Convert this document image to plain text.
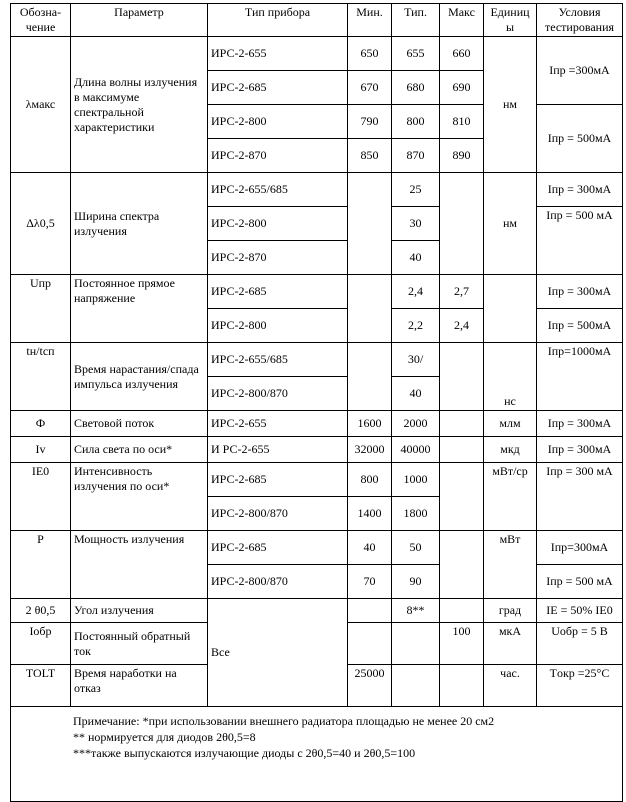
Обозна-чение	Параметр	Тип прибора	Мин.	Тип.	Макс	Единиц ы	Условия тестирования
λмакс	Длина волны излучения в максимуме спектральной характеристики	ИРС-2-655	650	655	660	нм	Iпр =300мА
		ИРС-2-685	670	680	690		
		ИРС-2-800	790	800	810		Iпр = 500мА
		ИРС-2-870	850	870	890		
Δλ0,5	Ширина спектра излучения	ИРС-2-655/685		25		нм	Iпр = 300мА
		ИРС-2-800		30			Iпр = 500 мА
		ИРС-2-870		40			
Uпр	Постоянное прямое напряжение	ИРС-2-685		2,4	2,7		Iпр = 300мА
		ИРС-2-800		2,2	2,4		Iпр = 500мА
tн/tсп	Время нарастания/спада импульса излучения	ИРС-2-655/685		30/		нс	Iпр=1000мА
		ИРС-2-800/870		40			
Ф	Световой поток	ИРС-2-655	1600	2000		млм	Iпр = 300мА
Iv	Сила света по оси*	И РС-2-655	32000	40000		мкд	Iпр = 300мА
IE0	Интенсивность излучения по оси*	ИРС-2-685	800	1000		мВт/ср	Iпр = 300 мА
		ИРС-2-800/870	1400	1800			
P	Мощность излучения	ИРС-2-685	40	50		мВт	Iпр=300мА
		ИРС-2-800/870	70	90			Iпр = 500 мА
2 θ0,5	Угол излучения	Все		8**		град	IE = 50% IE0
Iобр	Постоянный обратный ток				100	мкА	Uобр = 5 В
TOLT	Время наработки на отказ		25000			час.	Tокр =25°С

Примечание: *при использовании внешнего радиатора площадью не менее 20 см2
** нормируется для диодов 2θ0,5=8
***также выпускаются излучающие диоды с 2θ0,5=40 и 2θ0,5=100							
